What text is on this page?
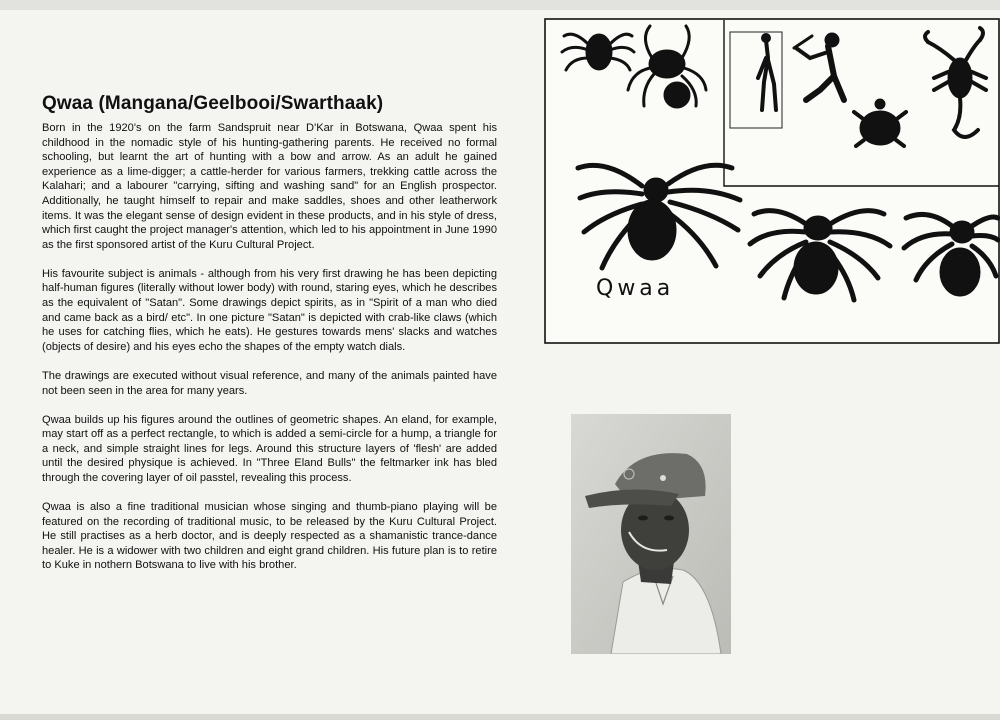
Qwaa (Mangana/Geelbooi/Swarthaak)

Born in the 1920's on the farm Sandspruit near D'Kar in Botswana, Qwaa spent his childhood in the nomadic style of his hunting-gathering parents. He received no formal schooling, but learnt the art of hunting with a bow and arrow. As an adult he gained experience as a lime-digger; a cattle-herder for various farmers, trekking cattle across the Kalahari; and a labourer "carrying, sifting and washing sand" for an English prospector. Additionally, he taught himself to repair and make saddles, shoes and other leatherwork items. It was the elegant sense of design evident in these products, and in his style of dress, which first caught the project manager's attention, which led to his appointment in June 1990 as the first sponsored artist of the Kuru Cultural Project.

His favourite subject is animals - although from his very first drawing he has been depicting half-human figures (literally without lower body) with round, staring eyes, which he describes as the equivalent of "Satan". Some drawings depict spirits, as in "Spirit of a man who died and came back as a bird/ etc". In one picture "Satan" is depicted with crab-like claws (which he uses for catching flies, which he eats). He gestures towards mens' slacks and watches (objects of desire) and his eyes echo the shapes of the empty watch dials.

The drawings are executed without visual reference, and many of the animals painted have not been seen in the area for many years.

Qwaa builds up his figures around the outlines of geometric shapes. An eland, for example, may start off as a perfect rectangle, to which is added a semi-circle for a hump, a triangle for a neck, and simple straight lines for legs. Around this structure layers of 'flesh' are added until the desired physique is achieved. In "Three Eland Bulls" the feltmarker ink has bled through the covering layer of oil passtel, revealing this process.

Qwaa is also a fine traditional musician whose singing and thumb-piano playing will be featured on the recording of traditional music, to be released by the Kuru Cultural Project. He still practises as a herb doctor, and is deeply respected as a shamanistic trance-dance healer. He is a widower with two children and eight grand children. His future plan is to retire to Kuke in nothern Botswana to live with his brother.

Qwaa
